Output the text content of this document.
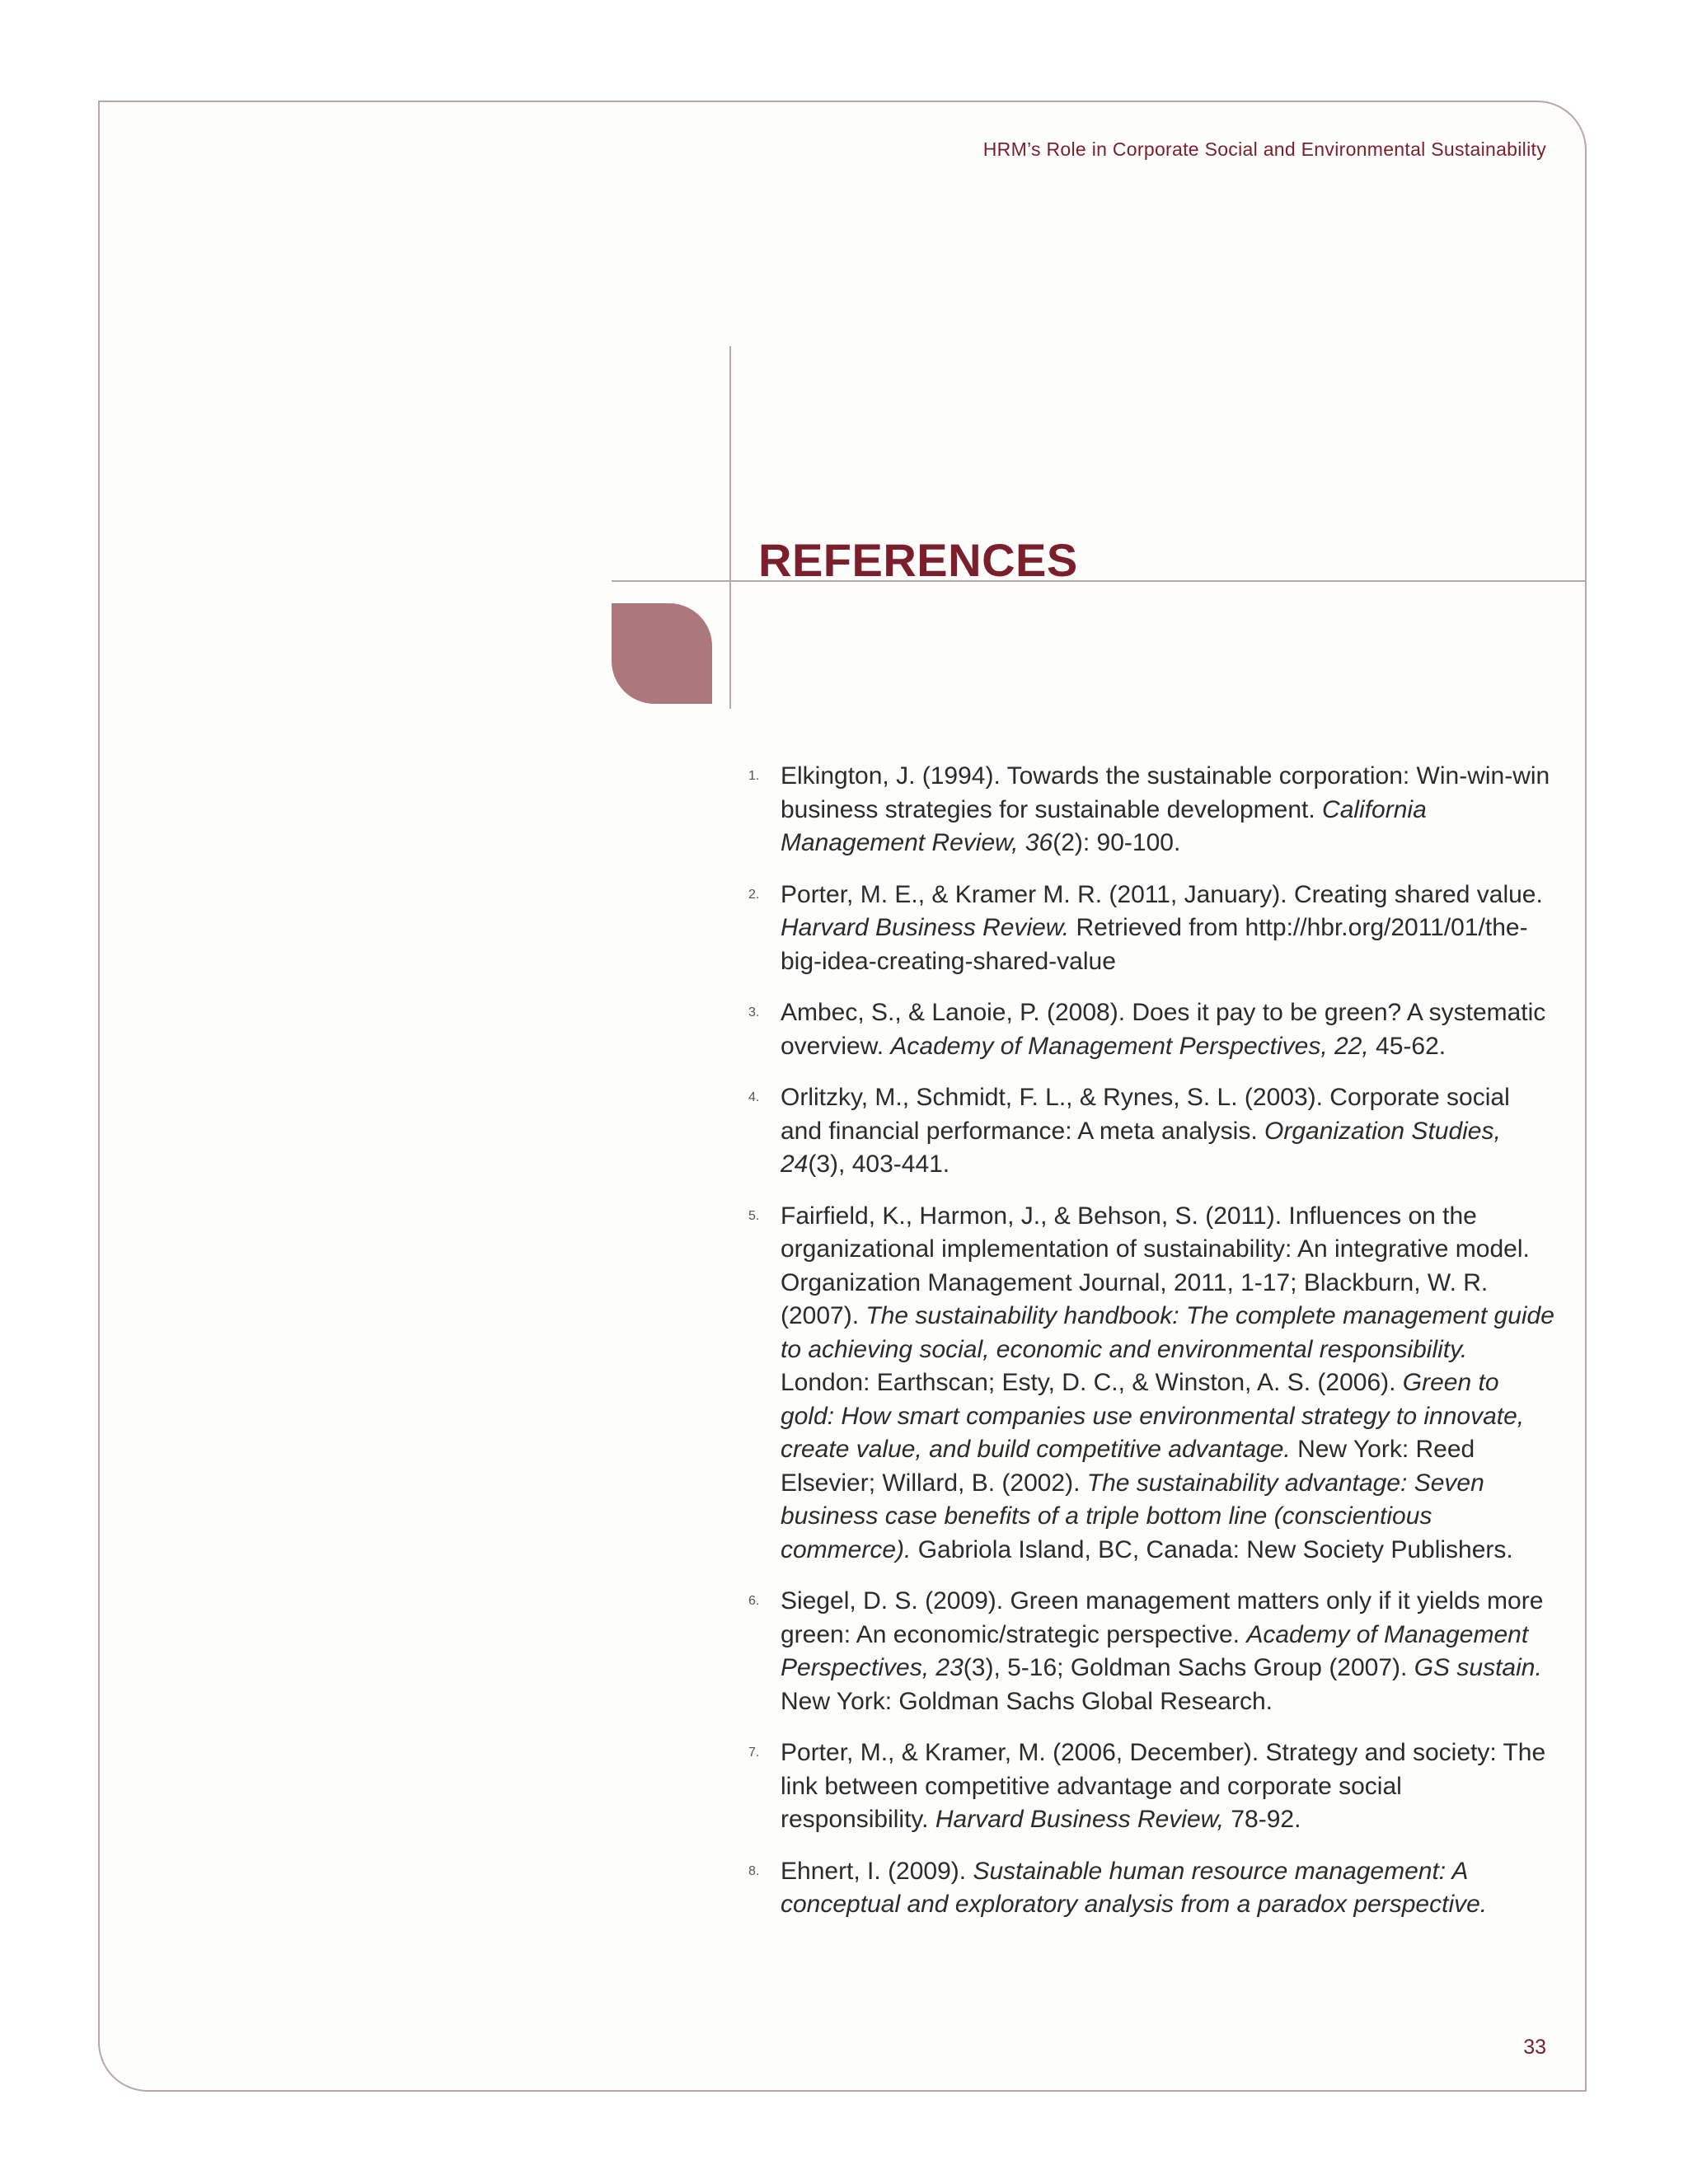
HRM’s Role in Corporate Social and Environmental Sustainability
REFERENCES
1. Elkington, J. (1994). Towards the sustainable corporation: Win-win-win business strategies for sustainable development. California Management Review, 36(2): 90-100.
2. Porter, M. E., & Kramer M. R. (2011, January). Creating shared value. Harvard Business Review. Retrieved from http://hbr.org/2011/01/the-big-idea-creating-shared-value
3. Ambec, S., & Lanoie, P. (2008). Does it pay to be green? A systematic overview. Academy of Management Perspectives, 22, 45-62.
4. Orlitzky, M., Schmidt, F. L., & Rynes, S. L. (2003). Corporate social and financial performance: A meta analysis. Organization Studies, 24(3), 403-441.
5. Fairfield, K., Harmon, J., & Behson, S. (2011). Influences on the organizational implementation of sustainability: An integrative model. Organization Management Journal, 2011, 1-17; Blackburn, W. R. (2007). The sustainability handbook: The complete management guide to achieving social, economic and environmental responsibility. London: Earthscan; Esty, D. C., & Winston, A. S. (2006). Green to gold: How smart companies use environmental strategy to innovate, create value, and build competitive advantage. New York: Reed Elsevier; Willard, B. (2002). The sustainability advantage: Seven business case benefits of a triple bottom line (conscientious commerce). Gabriola Island, BC, Canada: New Society Publishers.
6. Siegel, D. S. (2009). Green management matters only if it yields more green: An economic/strategic perspective. Academy of Management Perspectives, 23(3), 5-16; Goldman Sachs Group (2007). GS sustain. New York: Goldman Sachs Global Research.
7. Porter, M., & Kramer, M. (2006, December). Strategy and society: The link between competitive advantage and corporate social responsibility. Harvard Business Review, 78-92.
8. Ehnert, I. (2009). Sustainable human resource management: A conceptual and exploratory analysis from a paradox perspective.
33
